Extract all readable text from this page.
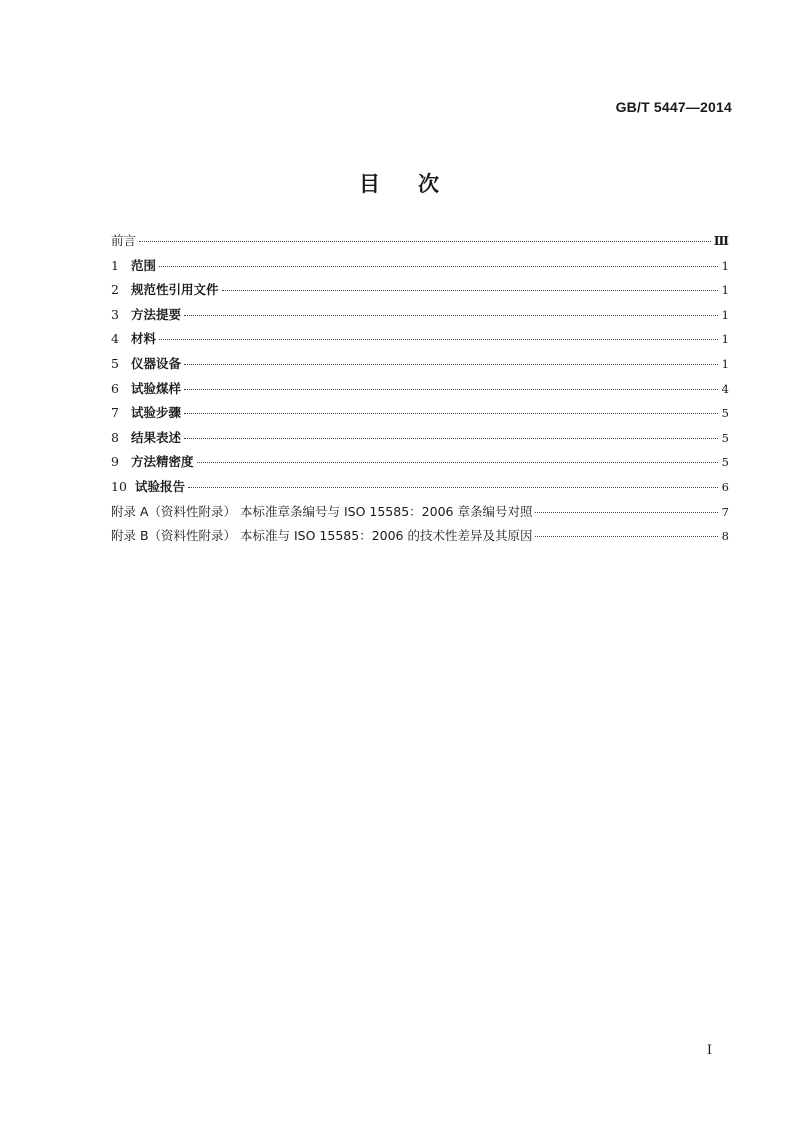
GB/T 5447—2014
目次
前言	Ⅲ
1 范围	1
2 规范性引用文件	1
3 方法提要	1
4 材料	1
5 仪器设备	1
6 试验煤样	4
7 试验步骤	5
8 结果表述	5
9 方法精密度	5
10 试验报告	6
附录 A（资料性附录） 本标准章条编号与 ISO 15585：2006 章条编号对照	7
附录 B（资料性附录） 本标准与 ISO 15585：2006 的技术性差异及其原因	8
I
